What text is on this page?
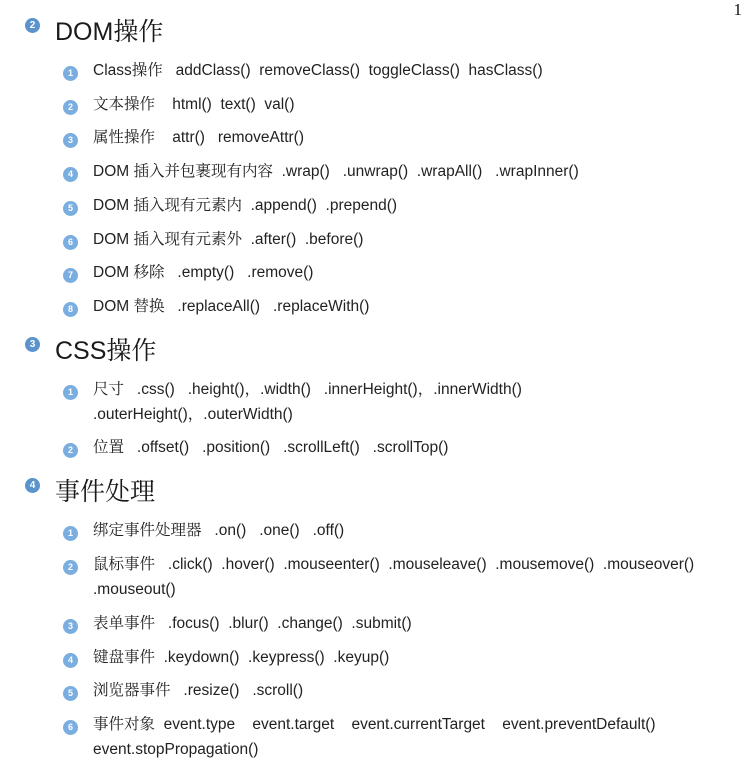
1
2 DOM操作
1	Class操作   addClass()  removeClass()  toggleClass()  hasClass()
2	文本操作    html()  text()  val()
3	属性操作    attr()   removeAttr()
4	DOM 插入并包裹现有内容  .wrap()   .unwrap()  .wrapAll()   .wrapInner()
5	DOM 插入现有元素内  .append()  .prepend()
6	DOM 插入现有元素外  .after()  .before()
7	DOM 移除   .empty()   .remove()
8	DOM 替换   .replaceAll()   .replaceWith()
3 CSS操作
1	尺寸   .css()   .height()，.width()   .innerHeight()，.innerWidth()
.outerHeight()，.outerWidth()
2	位置   .offset()   .position()   .scrollLeft()   .scrollTop()
4 事件处理
1	绑定事件处理器   .on()   .one()   .off()
2	鼠标事件   .click()  .hover()  .mouseenter()  .mouseleave()  .mousemove()  .mouseover()
.mouseout()
3	表单事件   .focus()  .blur()  .change()  .submit()
4	键盘事件  .keydown()  .keypress()  .keyup()
5	浏览器事件   .resize()   .scroll()
6	事件对象  event.type    event.target    event.currentTarget    event.preventDefault()
event.stopPropagation()
